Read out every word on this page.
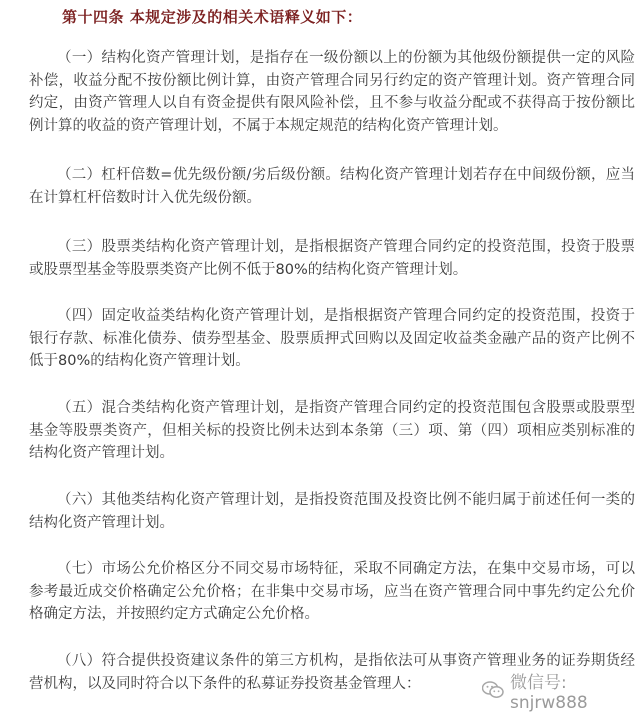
第十四条 本规定涉及的相关术语释义如下：

（一）结构化资产管理计划，是指存在一级份额以上的份额为其他级份额提供一定的风险补偿，收益分配不按份额比例计算，由资产管理合同另行约定的资产管理计划。资产管理合同约定，由资产管理人以自有资金提供有限风险补偿，且不参与收益分配或不获得高于按份额比例计算的收益的资产管理计划，不属于本规定规范的结构化资产管理计划。

（二）杠杆倍数=优先级份额/劣后级份额。结构化资产管理计划若存在中间级份额，应当在计算杠杆倍数时计入优先级份额。

（三）股票类结构化资产管理计划，是指根据资产管理合同约定的投资范围，投资于股票或股票型基金等股票类资产比例不低于80%的结构化资产管理计划。

（四）固定收益类结构化资产管理计划，是指根据资产管理合同约定的投资范围，投资于银行存款、标准化债券、债券型基金、股票质押式回购以及固定收益类金融产品的资产比例不低于80%的结构化资产管理计划。

（五）混合类结构化资产管理计划，是指资产管理合同约定的投资范围包含股票或股票型基金等股票类资产，但相关标的投资比例未达到本条第（三）项、第（四）项相应类别标准的结构化资产管理计划。

（六）其他类结构化资产管理计划，是指投资范围及投资比例不能归属于前述任何一类的结构化资产管理计划。

（七）市场公允价格区分不同交易市场特征，采取不同确定方法，在集中交易市场，可以参考最近成交价格确定公允价格；在非集中交易市场，应当在资产管理合同中事先约定公允价格确定方法，并按照约定方式确定公允价格。

（八）符合提供投资建议条件的第三方机构，是指依法可从事资产管理业务的证券期货经营机构，以及同时符合以下条件的私募证券投资基金管理人：	微信号: snjrw888
